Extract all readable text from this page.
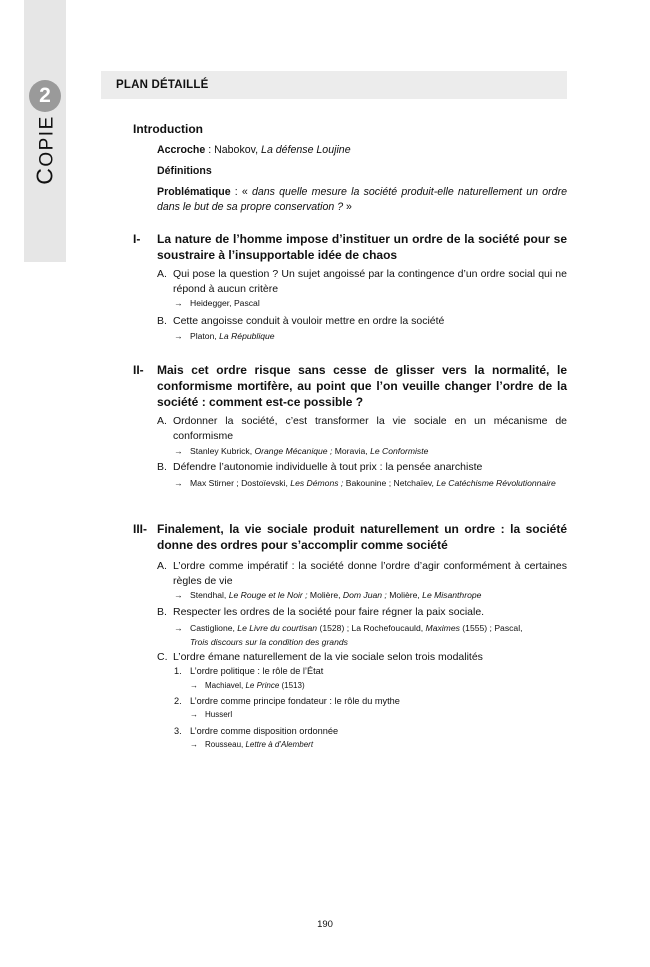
2
COPIE
PLAN DÉTAILLÉ
Introduction
Accroche : Nabokov, La défense Loujine
Définitions
Problématique : « dans quelle mesure la société produit-elle naturellement un ordre dans le but de sa propre conservation ? »
I-	La nature de l’homme impose d’instituer un ordre de la société pour se soustraire à l’insupportable idée de chaos
A. Qui pose la question ? Un sujet angoissé par la contingence d’un ordre social qui ne répond à aucun critère
→ Heidegger, Pascal
B. Cette angoisse conduit à vouloir mettre en ordre la société
→ Platon, La République
II-	Mais cet ordre risque sans cesse de glisser vers la normalité, le conformisme mortifère, au point que l’on veuille changer l’ordre de la société : comment est-ce possible ?
A. Ordonner la société, c’est transformer la vie sociale en un mécanisme de conformisme
→ Stanley Kubrick, Orange Mécanique ; Moravia, Le Conformiste
B. Défendre l’autonomie individuelle à tout prix : la pensée anarchiste
→ Max Stirner ; Dostoïevski, Les Démons ; Bakounine ; Netchaïev, Le Catéchisme Révolutionnaire
III- Finalement, la vie sociale produit naturellement un ordre : la société donne des ordres pour s’accomplir comme société
A. L’ordre comme impératif : la société donne l’ordre d’agir conformément à certaines règles de vie
→ Stendhal, Le Rouge et le Noir ; Molière, Dom Juan ; Molière, Le Misanthrope
B. Respecter les ordres de la société pour faire régner la paix sociale.
→ Castiglione, Le Livre du courtisan (1528) ; La Rochefoucauld, Maximes (1555) ; Pascal,
Trois discours sur la condition des grands
C. L’ordre émane naturellement de la vie sociale selon trois modalités
1. L’ordre politique : le rôle de l’État
→ Machiavel, Le Prince (1513)
2. L’ordre comme principe fondateur : le rôle du mythe
→ Husserl
3. L’ordre comme disposition ordonnée
→ Rousseau, Lettre à d’Alembert
190
